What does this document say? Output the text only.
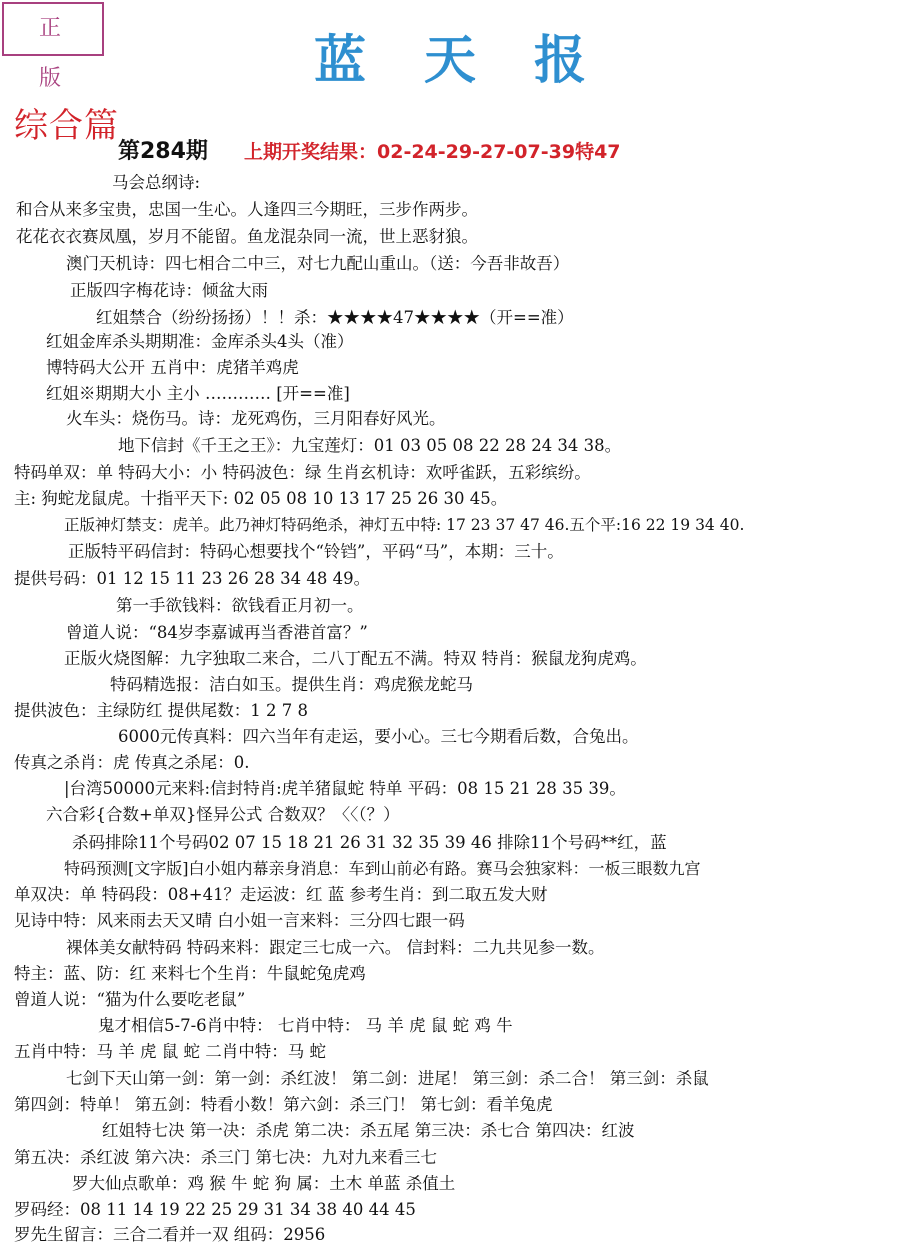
正 版	蓝天报
综合篇
第284期 上期开奖结果：02-24-29-27-07-39特47
马会总纲诗:
和合从来多宝贵，忠国一生心。人逢四三今期旺，三步作两步。
花花衣衣赛凤凰，岁月不能留。鱼龙混杂同一流，世上恶豺狼。
澳门天机诗：四七相合二中三，对七九配山重山。（送：今吾非故吾）
正版四字梅花诗：倾盆大雨
红姐禁合（纷纷扬扬）！！杀：★★★★47★★★★（开==准）
红姐金库杀头期期准：金库杀头4头（准）
博特码大公开 五肖中：虎猪羊鸡虎
红姐※期期大小 主小 ………… [开==准]
火车头：烧伤马。诗：龙死鸡伤，三月阳春好风光。
地下信封《千王之王》：九宝莲灯：01 03 05 08 22 28 24 34 38。
特码单双：单 特码大小：小 特码波色：绿 生肖玄机诗：欢呼雀跃，五彩缤纷。
主: 狗蛇龙鼠虎。十指平天下: 02 05 08 10 13 17 25 26 30 45。
正版神灯禁支：虎羊。此乃神灯特码绝杀，神灯五中特: 17 23 37 47 46.五个平:16 22 19 34 40.
正版特平码信封：特码心想要找个“铃铛”，平码“马”，本期：三十。
提供号码：01 12 15 11 23 26 28 34 48 49。
第一手欲钱料：欲钱看正月初一。
曾道人说：“84岁李嘉诚再当香港首富？”
正版火烧图解：九字独取二来合，二八丁配五不满。特双 特肖：猴鼠龙狗虎鸡。
特码精选报：洁白如玉。提供生肖：鸡虎猴龙蛇马
提供波色：主绿防红 提供尾数：1 2 7 8
6000元传真料：四六当年有走运，要小心。三七今期看后数，合兔出。
传真之杀肖：虎 传真之杀尾：0.
|台湾50000元来料:信封特肖:虎羊猪鼠蛇 特单 平码：08 15 21 28 35 39。
六合彩{合数+单双}怪异公式 合数双？〈〈（？）
杀码排除11个号码02 07 15 18 21 26 31 32 35 39 46 排除11个号码**红，蓝
特码预测[文字版]白小姐内幕亲身消息：车到山前必有路。赛马会独家料：一板三眼数九宫
单双决：单 特码段：08+41？走运波：红 蓝 参考生肖：到二取五发大财
见诗中特：风来雨去天又晴 白小姐一言来料：三分四七跟一码
裸体美女献特码 特码来料：跟定三七成一六。 信封料：二九共见参一数。
特主：蓝、防：红 来料七个生肖：牛鼠蛇兔虎鸡
曾道人说：“猫为什么要吃老鼠”
鬼才相信5-7-6肖中特： 七肖中特： 马 羊 虎 鼠 蛇 鸡 牛
五肖中特：马 羊 虎 鼠 蛇 二肖中特：马 蛇
七剑下天山第一剑：第一剑：杀红波！ 第二剑：进尾！ 第三剑：杀二合！ 第三剑：杀鼠
第四剑：特单！ 第五剑：特看小数！第六剑：杀三门！ 第七剑：看羊兔虎
红姐特七决 第一决：杀虎 第二决：杀五尾 第三决：杀七合 第四决：红波
第五决：杀红波 第六决：杀三门 第七决：九对九来看三七
罗大仙点歌单：鸡 猴 牛 蛇 狗 属：土木 单蓝 杀值土
罗码经：08 11 14 19 22 25 29 31 34 38 40 44 45
罗先生留言：三合二看并一双 组码：2956
